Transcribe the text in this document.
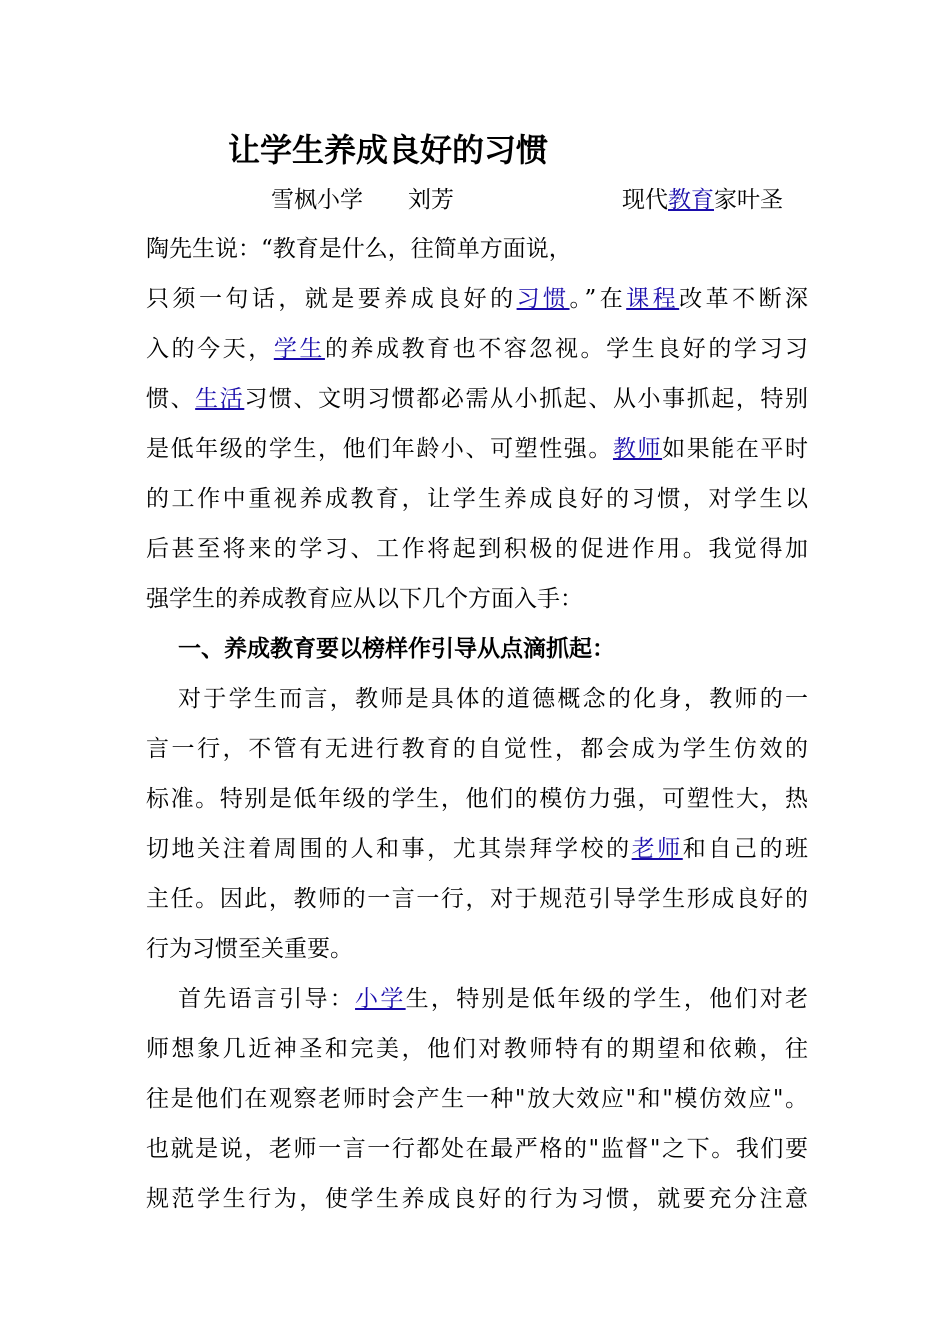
让学生养成良好的习惯
雪枫小学 刘芳	现代教育家叶圣
陶先生说：“教育是什么，往简单方面说，
只须一句话，就是要养成良好的习惯。”在课程改革不断深
入的今天，学生的养成教育也不容忽视。学生良好的学习习
惯、生活习惯、文明习惯都必需从小抓起、从小事抓起，特别
是低年级的学生，他们年龄小、可塑性强。教师如果能在平时
的工作中重视养成教育，让学生养成良好的习惯，对学生以
后甚至将来的学习、工作将起到积极的促进作用。我觉得加
强学生的养成教育应从以下几个方面入手：
一、养成教育要以榜样作引导从点滴抓起：
对于学生而言，教师是具体的道德概念的化身，教师的一
言一行，不管有无进行教育的自觉性，都会成为学生仿效的
标准。特别是低年级的学生，他们的模仿力强，可塑性大，热
切地关注着周围的人和事，尤其崇拜学校的老师和自己的班
主任。因此，教师的一言一行，对于规范引导学生形成良好的
行为习惯至关重要。
首先语言引导：小学生，特别是低年级的学生，他们对老
师想象几近神圣和完美，他们对教师特有的期望和依赖，往
往是他们在观察老师时会产生一种"放大效应"和"模仿效应"。
也就是说，老师一言一行都处在最严格的"监督"之下。我们要
规范学生行为，使学生养成良好的行为习惯，就要充分注意
